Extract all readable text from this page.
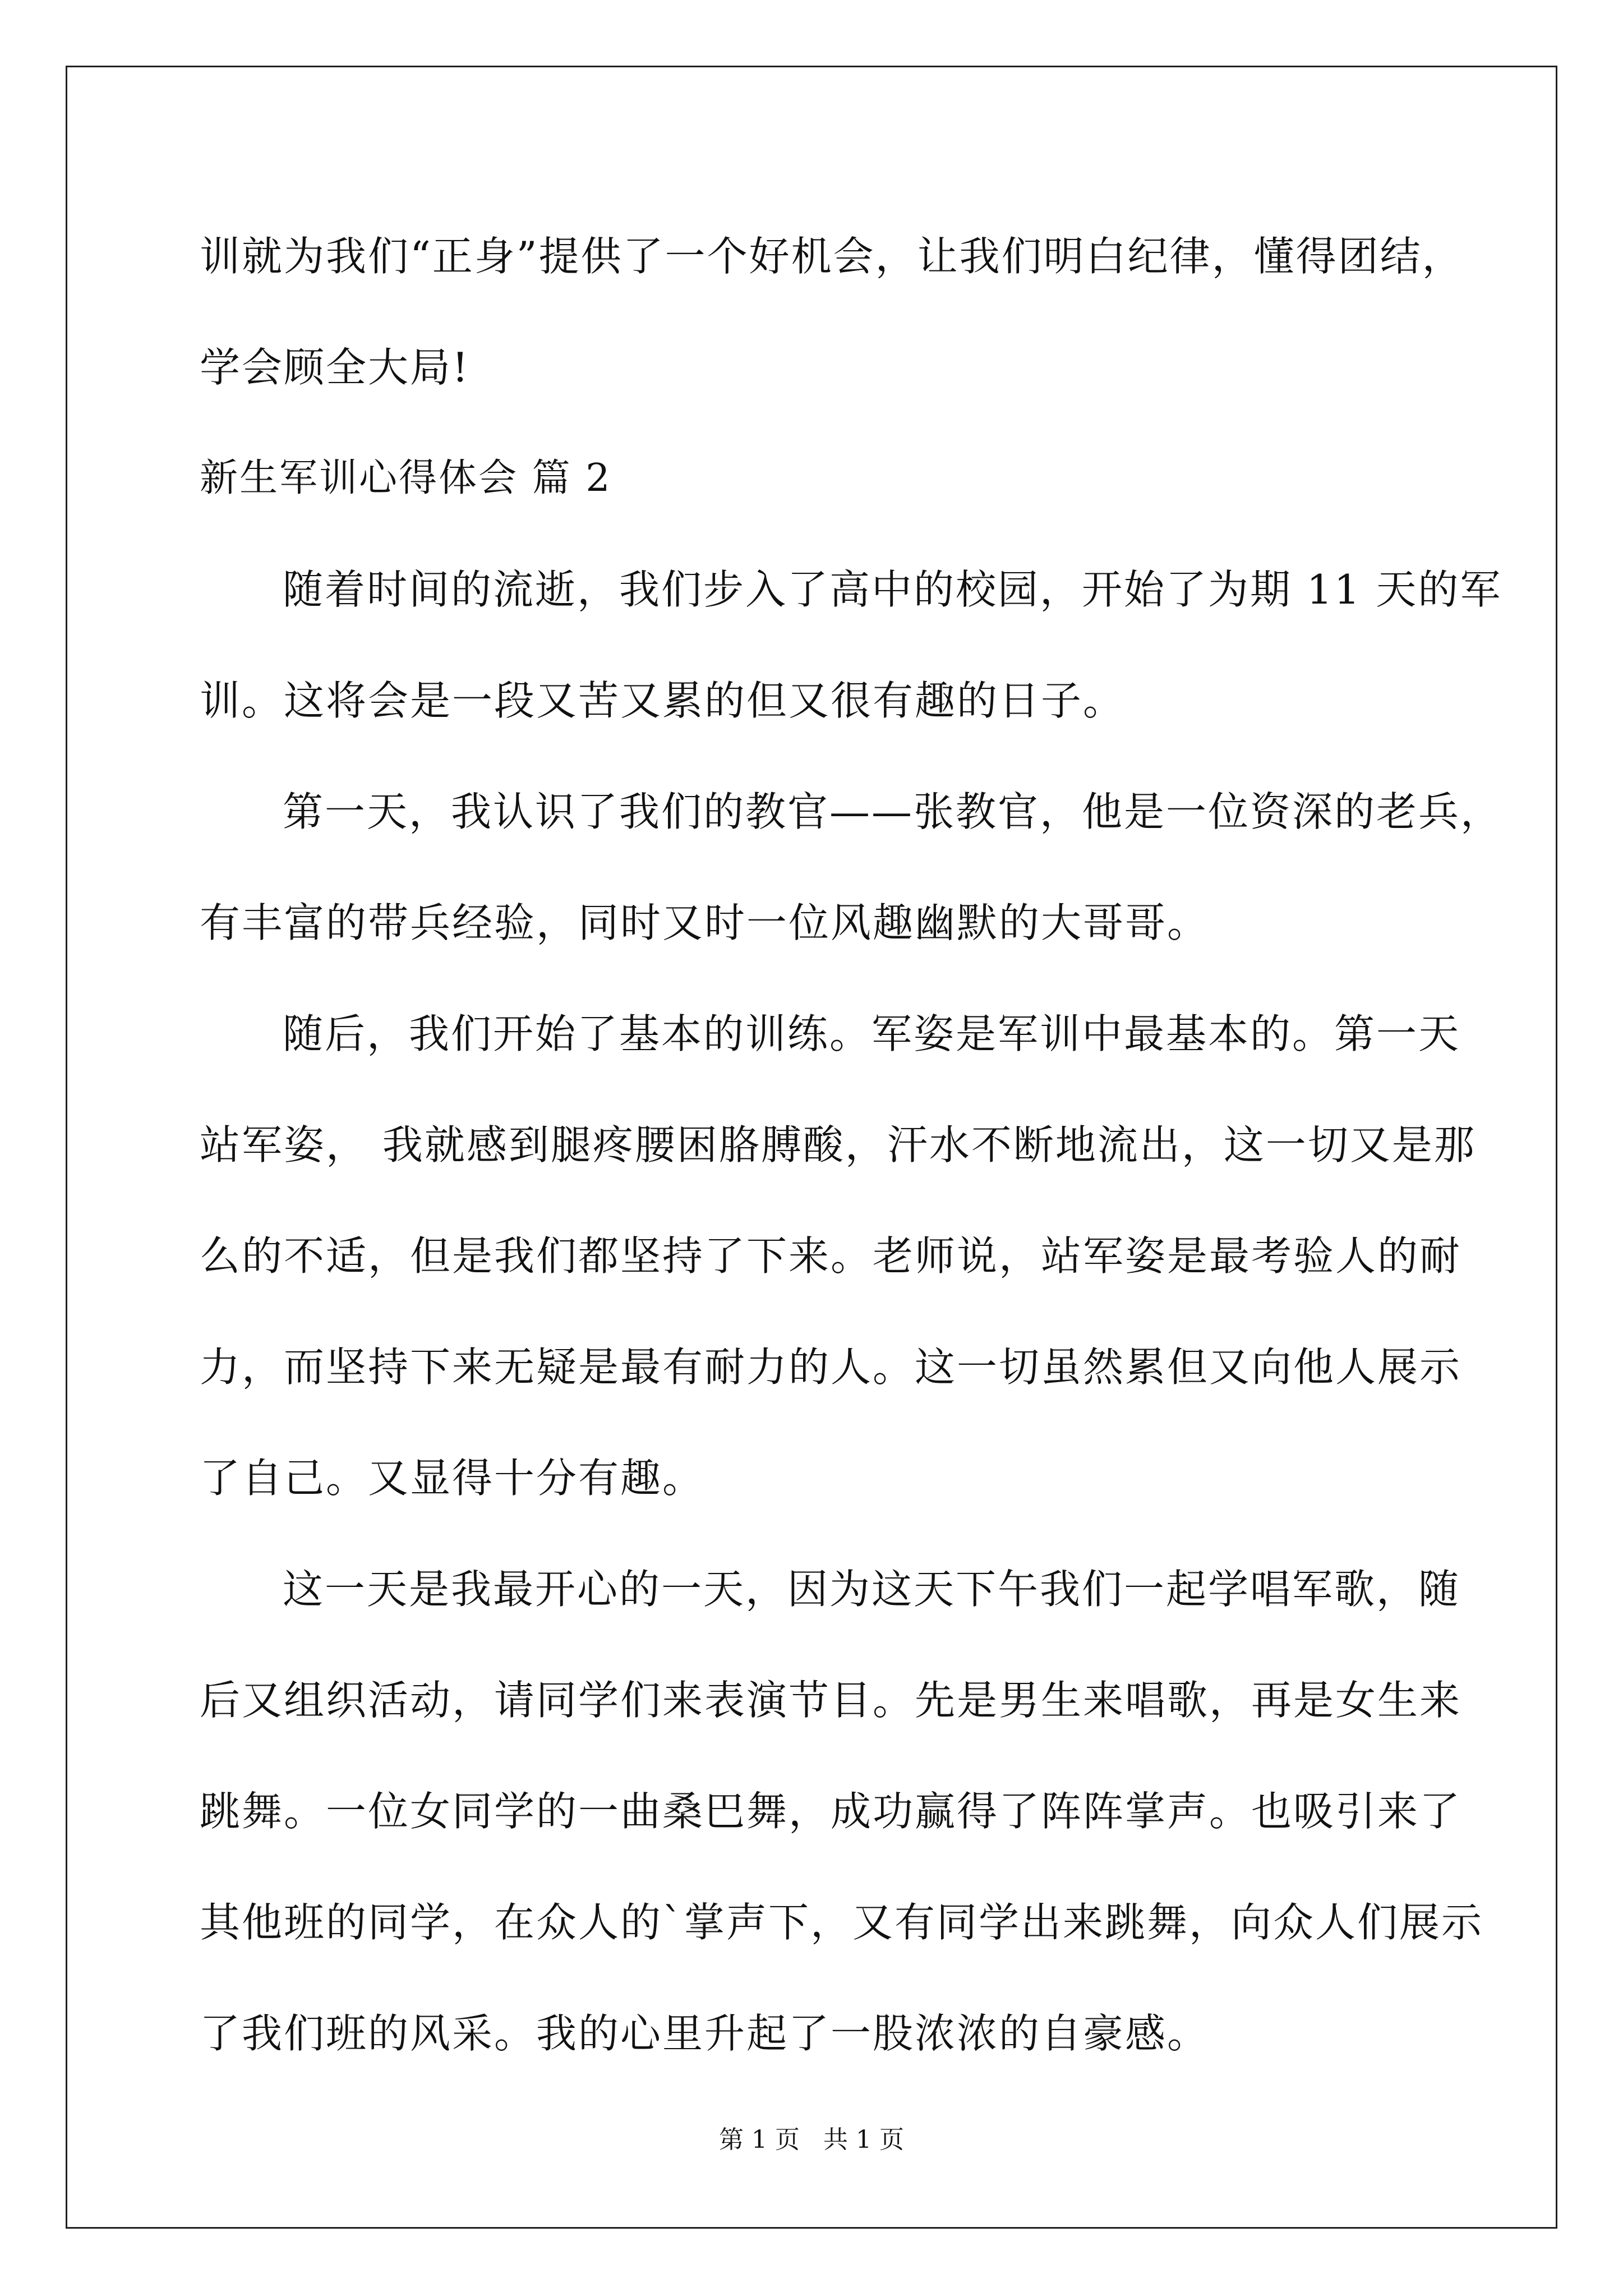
训就为我们“正身”提供了一个好机会，让我们明白纪律，懂得团结，
学会顾全大局!
新生军训心得体会 篇 2
随着时间的流逝，我们步入了高中的校园，开始了为期 11 天的军
训。这将会是一段又苦又累的但又很有趣的日子。
第一天，我认识了我们的教官——张教官，他是一位资深的老兵，
有丰富的带兵经验，同时又时一位风趣幽默的大哥哥。
随后，我们开始了基本的训练。军姿是军训中最基本的。第一天
站军姿， 我就感到腿疼腰困胳膊酸，汗水不断地流出，这一切又是那
么的不适，但是我们都坚持了下来。老师说，站军姿是最考验人的耐
力，而坚持下来无疑是最有耐力的人。这一切虽然累但又向他人展示
了自己。又显得十分有趣。
这一天是我最开心的一天，因为这天下午我们一起学唱军歌，随
后又组织活动，请同学们来表演节目。先是男生来唱歌，再是女生来
跳舞。一位女同学的一曲桑巴舞，成功赢得了阵阵掌声。也吸引来了
其他班的同学，在众人的`掌声下，又有同学出来跳舞，向众人们展示
了我们班的风采。我的心里升起了一股浓浓的自豪感。
第 1 页 共 1 页
